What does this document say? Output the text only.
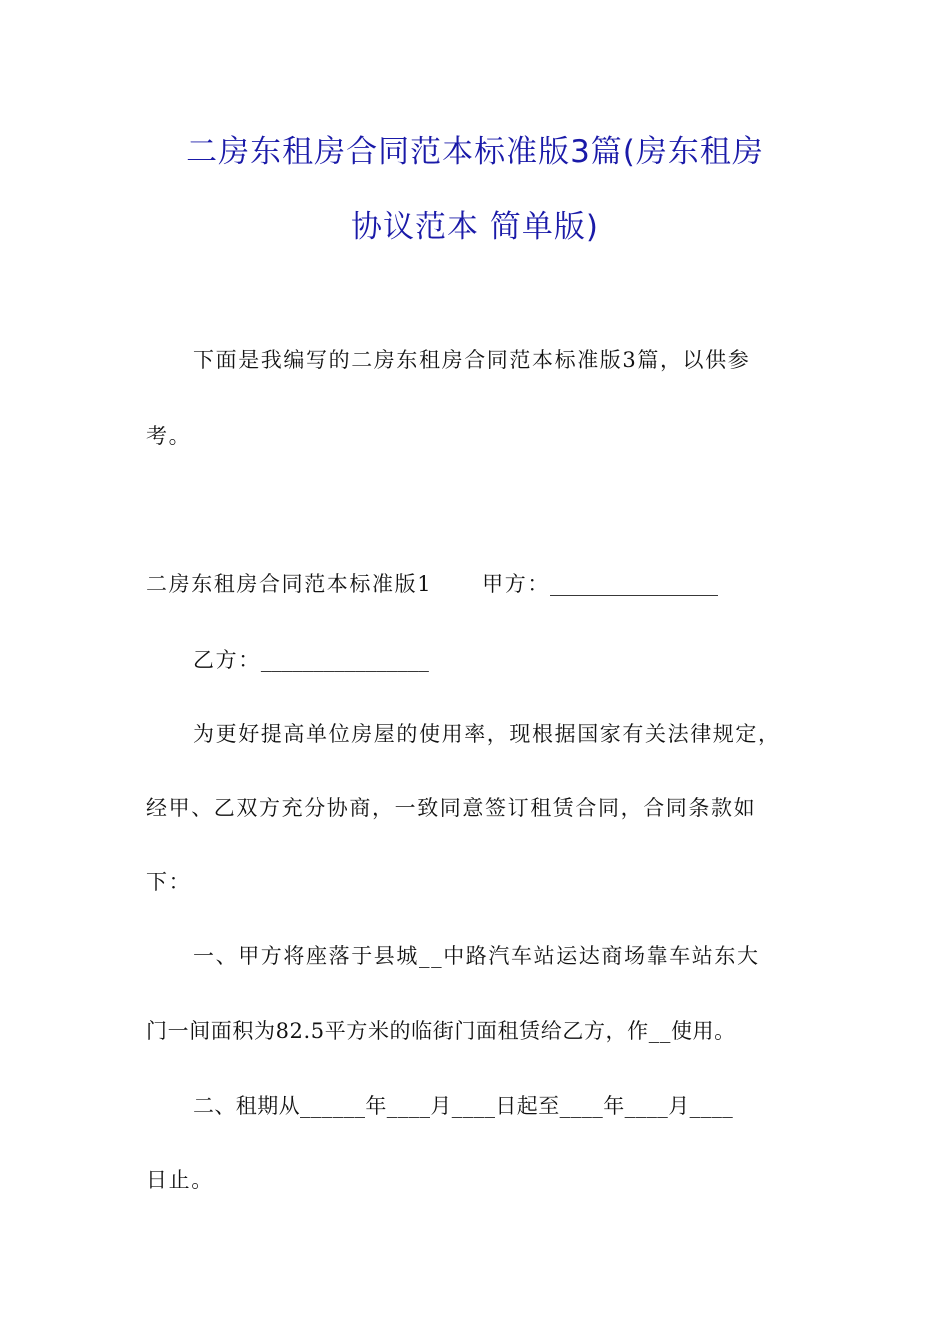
二房东租房合同范本标准版3篇(房东租房
协议范本 简单版)
下面是我编写的二房东租房合同范本标准版3篇，以供参
考。
二房东租房合同范本标准版1 甲方：________________
乙方：________________
为更好提高单位房屋的使用率，现根据国家有关法律规定，
经甲、乙双方充分协商，一致同意签订租赁合同，合同条款如
下：
一、甲方将座落于县城__中路汽车站运达商场靠车站东大
门一间面积为82.5平方米的临街门面租赁给乙方，作__使用。
二、租期从______年____月____日起至____年____月____
日止。
